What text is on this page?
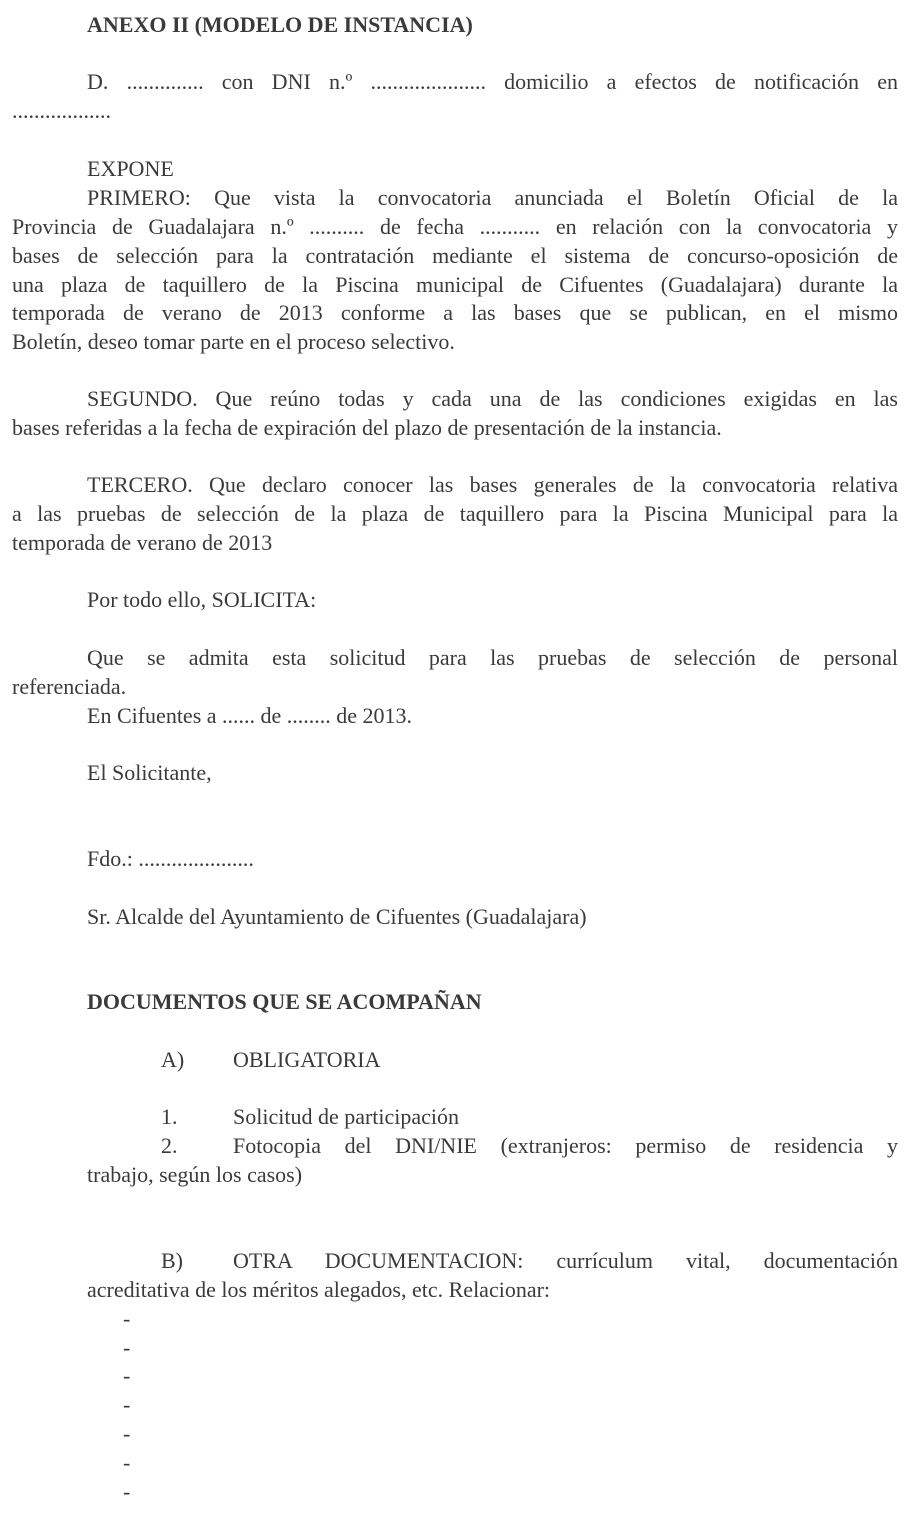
ANEXO II (MODELO DE INSTANCIA)
D. .............. con DNI n.º ..................... domicilio a efectos de notificación en
..................
EXPONE
PRIMERO: Que vista la convocatoria anunciada el Boletín Oficial de la
Provincia de Guadalajara n.º .......... de fecha ........... en relación con la convocatoria y
bases de selección para la contratación mediante el sistema de concurso-oposición de
una plaza de taquillero de la Piscina municipal de Cifuentes (Guadalajara) durante la
temporada de verano de 2013 conforme a las bases que se publican, en el mismo
Boletín, deseo tomar parte en el proceso selectivo.
SEGUNDO. Que reúno todas y cada una de las condiciones exigidas en las
bases referidas a la fecha de expiración del plazo de presentación de la instancia.
TERCERO. Que declaro conocer las bases generales de la convocatoria relativa
a las pruebas de selección de la plaza de taquillero para la Piscina Municipal para la
temporada de verano de 2013
Por todo ello, SOLICITA:
Que se admita esta solicitud para las pruebas de selección de personal
referenciada.
En Cifuentes a ...... de ........ de 2013.
El Solicitante,
Fdo.: .....................
Sr. Alcalde del Ayuntamiento de Cifuentes (Guadalajara)
DOCUMENTOS QUE SE ACOMPAÑAN
A) OBLIGATORIA
1.	Solicitud de participación
2.	Fotocopia del DNI/NIE (extranjeros: permiso de residencia y
trabajo, según los casos)
B) OTRA DOCUMENTACION: currículum vital, documentación
acreditativa de los méritos alegados, etc. Relacionar:
-
-
-
-
-
-
-
